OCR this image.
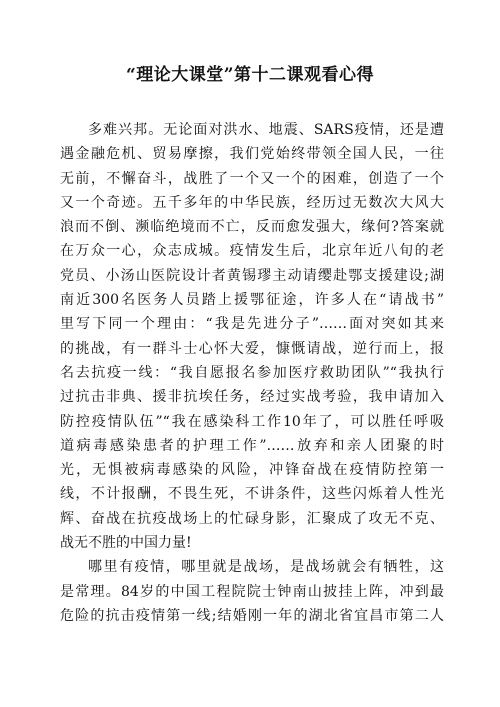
“理论大课堂”第十二课观看心得
多难兴邦。无论面对洪水、地震、SARS疫情，还是遭
遇金融危机、贸易摩擦，我们党始终带领全国人民，一往
无前，不懈奋斗，战胜了一个又一个的困难，创造了一个
又一个奇迹。五千多年的中华民族，经历过无数次大风大
浪而不倒、濒临绝境而不亡，反而愈发强大，缘何?答案就
在万众一心，众志成城。疫情发生后，北京年近八旬的老
党员、小汤山医院设计者黄锡璆主动请缨赴鄂支援建设;湖
南近300名医务人员踏上援鄂征途，许多人在“请战书”
里写下同一个理由：“我是先进分子”……面对突如其来
的挑战，有一群斗士心怀大爱，慷慨请战，逆行而上，报
名去抗疫一线：“我自愿报名参加医疗救助团队”“我执行
过抗击非典、援非抗埃任务，经过实战考验，我申请加入
防控疫情队伍”“我在感染科工作10年了，可以胜任呼吸
道病毒感染患者的护理工作”……放弃和亲人团聚的时
光，无惧被病毒感染的风险，冲锋奋战在疫情防控第一
线，不计报酬，不畏生死，不讲条件，这些闪烁着人性光
辉、奋战在抗疫战场上的忙碌身影，汇聚成了攻无不克、
战无不胜的中国力量!
哪里有疫情，哪里就是战场，是战场就会有牺牲，这
是常理。84岁的中国工程院院士钟南山披挂上阵，冲到最
危险的抗击疫情第一线;结婚刚一年的湖北省宜昌市第二人
